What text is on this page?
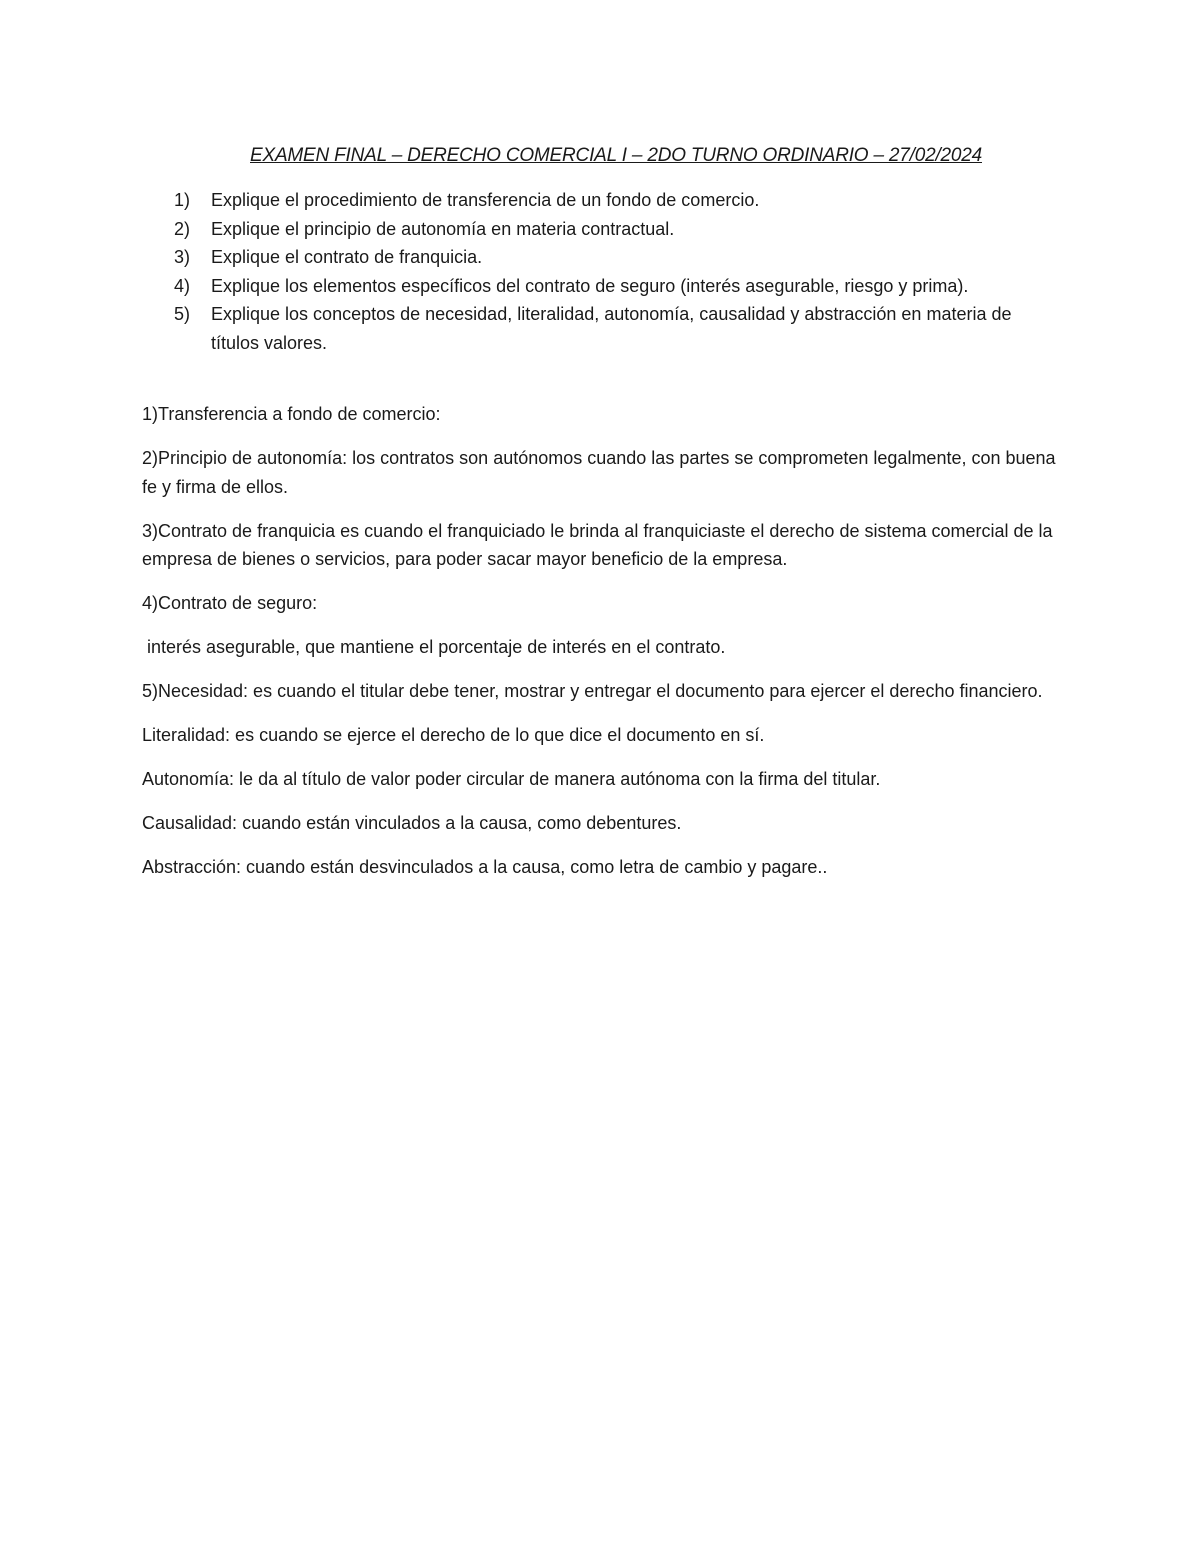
EXAMEN FINAL – DERECHO COMERCIAL I – 2DO TURNO ORDINARIO – 27/02/2024
1) Explique el procedimiento de transferencia de un fondo de comercio.
2) Explique el principio de autonomía en materia contractual.
3) Explique el contrato de franquicia.
4) Explique los elementos específicos del contrato de seguro (interés asegurable, riesgo y prima).
5) Explique los conceptos de necesidad, literalidad, autonomía, causalidad y abstracción en materia de títulos valores.

1)Transferencia a fondo de comercio:

2)Principio de autonomía: los contratos son autónomos cuando las partes se comprometen legalmente, con buena fe y firma de ellos.

3)Contrato de franquicia es cuando el franquiciado le brinda al franquiciaste el derecho de sistema comercial de la empresa de bienes o servicios, para poder sacar mayor beneficio de la empresa.

4)Contrato de seguro:

interés asegurable, que mantiene el porcentaje de interés en el contrato.

5)Necesidad: es cuando el titular debe tener, mostrar y entregar el documento para ejercer el derecho financiero.

Literalidad: es cuando se ejerce el derecho de lo que dice el documento en sí.

Autonomía: le da al título de valor poder circular de manera autónoma con la firma del titular.

Causalidad: cuando están vinculados a la causa, como debentures.

Abstracción: cuando están desvinculados a la causa, como letra de cambio y pagare..
